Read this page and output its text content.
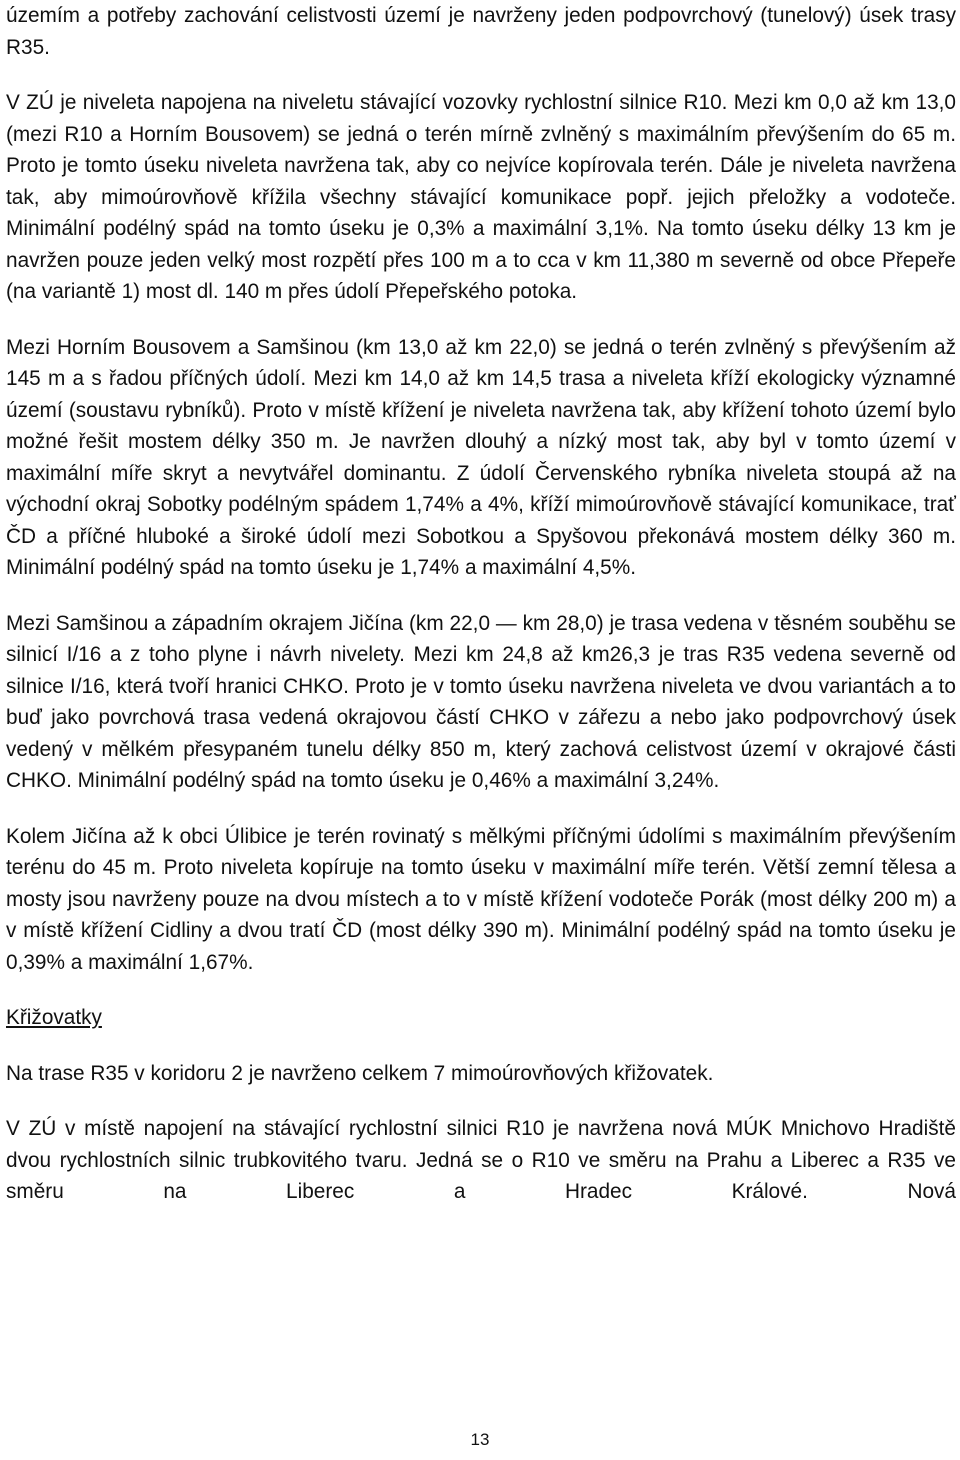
územím a potřeby zachování celistvosti území je navrženy jeden podpovrchový (tunelový) úsek trasy R35.

V ZÚ je niveleta napojena na niveletu stávající vozovky rychlostní silnice R10. Mezi km 0,0 až km 13,0 (mezi R10 a Horním Bousovem) se jedná o terén mírně zvlněný s maximálním převýšením do 65 m. Proto je tomto úseku niveleta navržena tak, aby co nejvíce kopírovala terén. Dále je niveleta navržena tak, aby mimoúrovňově křížila všechny stávající komunikace popř. jejich přeložky a vodoteče. Minimální podélný spád na tomto úseku je 0,3% a maximální 3,1%. Na tomto úseku délky 13 km je navržen pouze jeden velký most rozpětí přes 100 m a to cca v km 11,380 m severně od obce Přepeře (na variantě 1) most dl. 140 m přes údolí Přepeřského potoka.

Mezi Horním Bousovem a Samšinou (km 13,0 až km 22,0) se jedná o terén zvlněný s převýšením až 145 m a s řadou příčných údolí. Mezi km 14,0 až km 14,5 trasa a niveleta kříží ekologicky významné území (soustavu rybníků). Proto v místě křížení je niveleta navržena tak, aby křížení tohoto území bylo možné řešit mostem délky 350 m. Je navržen dlouhý a nízký most tak, aby byl v tomto území v maximální míře skryt a nevytvářel dominantu. Z údolí Červenského rybníka niveleta stoupá až na východní okraj Sobotky podélným spádem 1,74% a 4%, kříží mimoúrovňově stávající komunikace, trať ČD a příčné hluboké a široké údolí mezi Sobotkou a Spyšovou překonává mostem délky 360 m. Minimální podélný spád na tomto úseku je 1,74% a maximální 4,5%.

Mezi Samšinou a západním okrajem Jičína (km 22,0 — km 28,0) je trasa vedena v těsném souběhu se silnicí I/16 a z toho plyne i návrh nivelety. Mezi km 24,8 až km26,3 je tras R35 vedena severně od silnice I/16, která tvoří hranici CHKO. Proto je v tomto úseku navržena niveleta ve dvou variantách a to buď jako povrchová trasa vedená okrajovou částí CHKO v zářezu a nebo jako podpovrchový úsek vedený v mělkém přesypaném tunelu délky 850 m, který zachová celistvost území v okrajové části CHKO. Minimální podélný spád na tomto úseku je 0,46% a maximální 3,24%.

Kolem Jičína až k obci Úlibice je terén rovinatý s mělkými příčnými údolími s maximálním převýšením terénu do 45 m. Proto niveleta kopíruje na tomto úseku v maximální míře terén. Větší zemní tělesa a mosty jsou navrženy pouze na dvou místech a to v místě křížení vodoteče Porák (most délky 200 m) a v místě křížení Cidliny a dvou tratí ČD (most délky 390 m). Minimální podélný spád na tomto úseku je 0,39% a maximální 1,67%.

Křižovatky

Na trase R35 v koridoru 2 je navrženo celkem 7 mimoúrovňových křižovatek.

V ZÚ v místě napojení na stávající rychlostní silnici R10 je navržena nová MÚK Mnichovo Hradiště dvou rychlostních silnic trubkovitého tvaru. Jedná se o R10 ve směru na Prahu a Liberec a R35 ve směru na Liberec a Hradec Králové. Nová

13
